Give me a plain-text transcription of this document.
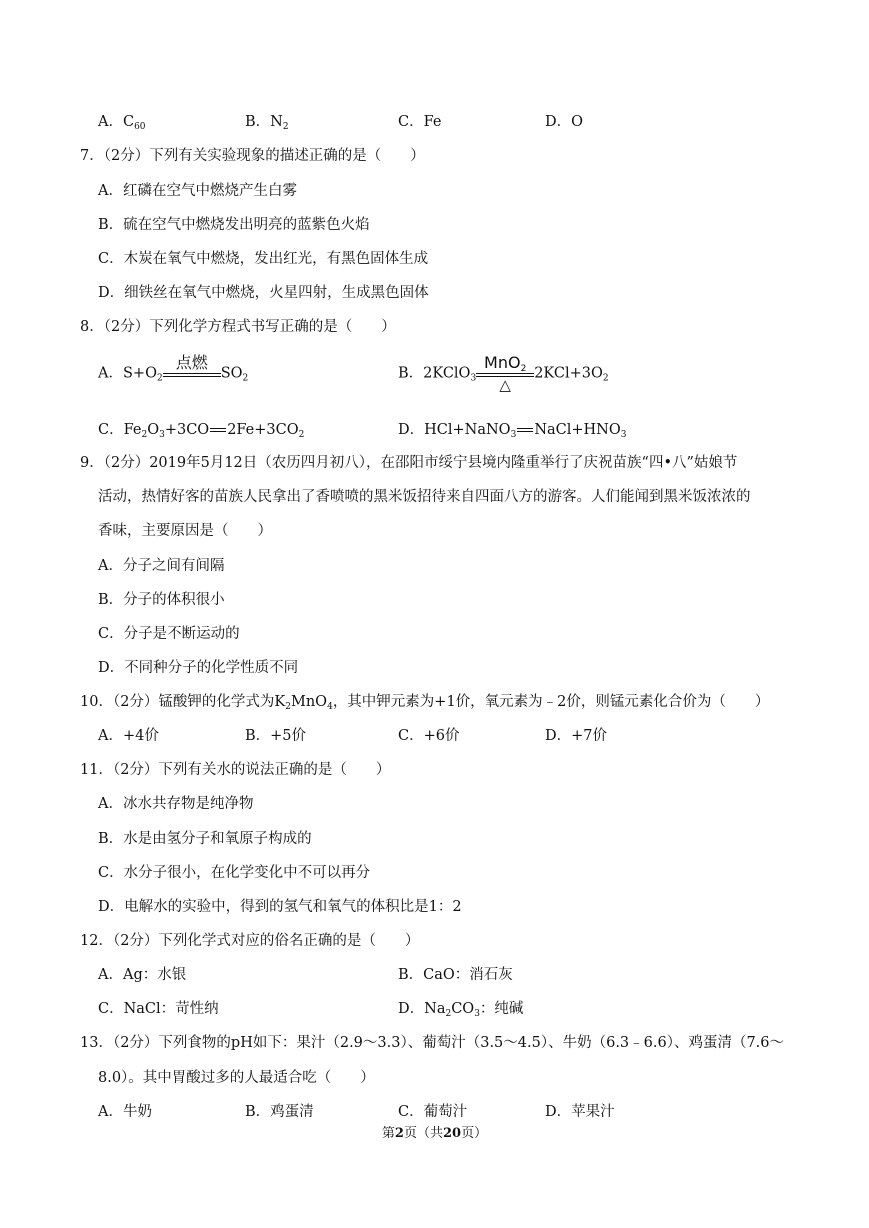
A．$C_{60}$	B．$N_2$	C．Fe	D．O
7．（2分）下列有关实验现象的描述正确的是（　　）
A．红磷在空气中燃烧产生白雾
B．硫在空气中燃烧发出明亮的蓝紫色火焰
C．木炭在氧气中燃烧，发出红光，有黑色固体生成
D．细铁丝在氧气中燃烧，火星四射，生成黑色固体
8．（2分）下列化学方程式书写正确的是（　　）
A．$S+O_2$
点燃

$SO_2$	B．2KClO$_3$
MnO$_2$
△
$2KCl+3O_2$
C．$Fe_2O_3+3CO$ $2Fe+3CO_2$	D．HCl+NaNO$_3$ $NaCl+HNO_3$
9．（2分）2019年5月12日（农历四月初八），在邵阳市绥宁县境内隆重举行了庆祝苗族“四•八”姑娘节
活动，热情好客的苗族人民拿出了香喷喷的黑米饭招待来自四面八方的游客。人们能闻到黑米饭浓浓的
香味，主要原因是（　　）
A．分子之间有间隔
B．分子的体积很小
C．分子是不断运动的
D．不同种分子的化学性质不同
10．（2分）锰酸钾的化学式为$K_2MnO_4$，其中钾元素为+1价，氧元素为﹣2价，则锰元素化合价为（　　）
A．+4价	B．+5价	C．+6价	D．+7价
11．（2分）下列有关水的说法正确的是（　　）
A．冰水共存物是纯净物
B．水是由氢分子和氧原子构成的
C．水分子很小，在化学变化中不可以再分
D．电解水的实验中，得到的氢气和氧气的体积比是1：2
12．（2分）下列化学式对应的俗名正确的是（　　）
A．Ag：水银	B．CaO：消石灰
C．NaCl：苛性纳	D．$Na_2CO_3$：纯碱
13．（2分）下列食物的pH如下：果汁（2.9～3.3）、葡萄汁（3.5～4.5）、牛奶（6.3﹣6.6）、鸡蛋清（7.6～
8.0）。其中胃酸过多的人最适合吃（　　）
A．牛奶	B．鸡蛋清	C．葡萄汁	D．苹果汁
第2页（共20页）
